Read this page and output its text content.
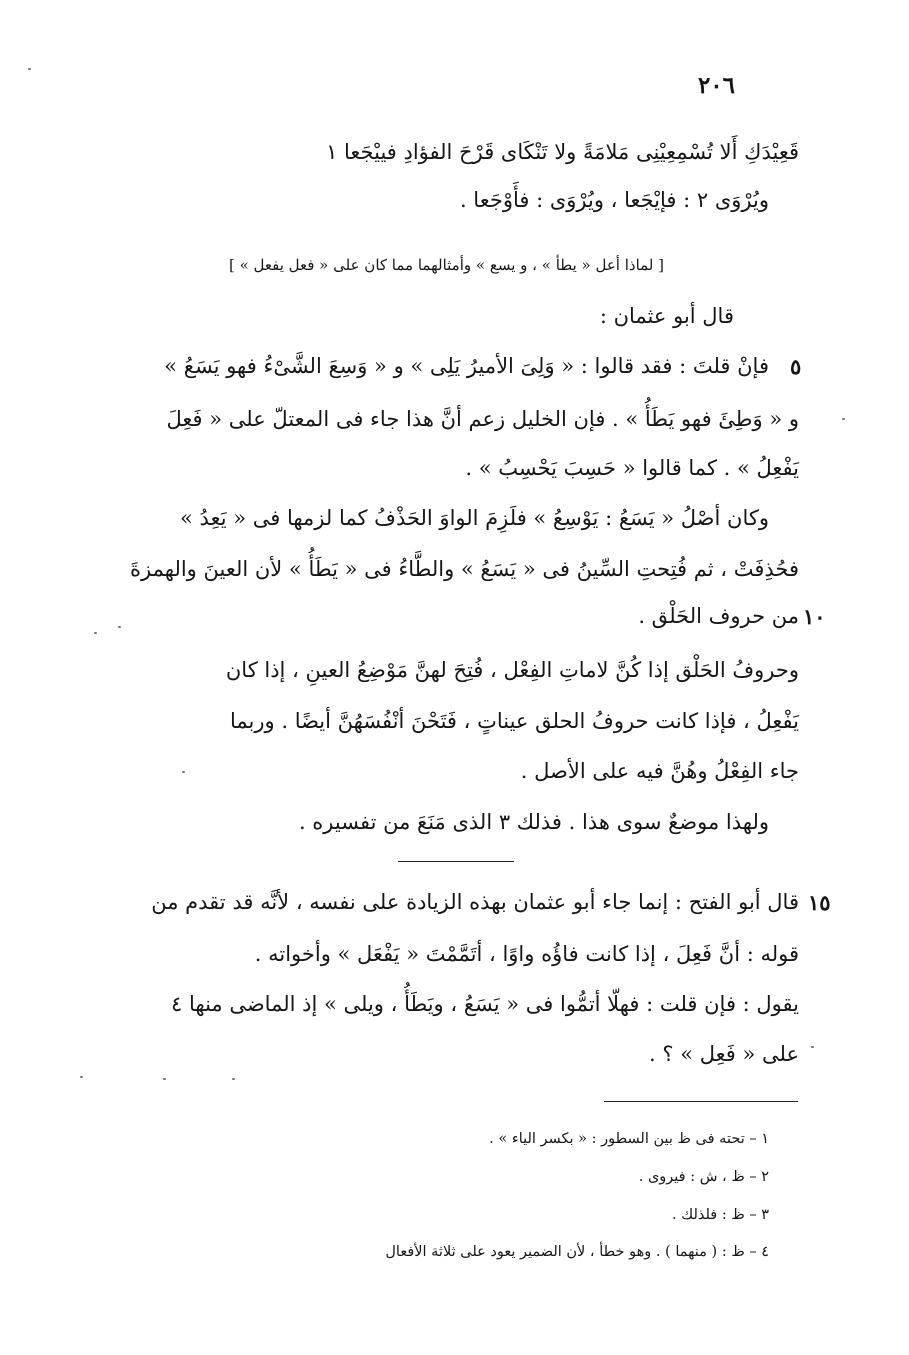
٢٠٦
قَعِيْدَكِ أَلا تُسْمِعِيْنِى مَلامَةً ولا تَنْكَاى قَرْحَ الفؤادِ فييْجَعا ١
ويُرْوَى ٢ : فإيْجَعا ، ويُرْوَى : فأَوْجَعا .
[ لماذا أعل « يطأ » ، و يسع » وأمثالهما مما كان على « فعل يفعل » ]
قال أبو عثمان :
٥
فإنْ قلتَ : فقد قالوا : « وَلِىَ الأميرُ يَلِى » و « وَسِعَ الشَّىْءُ فهو يَسَعُ »
و « وَطِئَ فهو يَطَأُ » . فإن الخليل زعم أنَّ هذا جاء فى المعتلّ على « فَعِلَ
يَفْعِلُ » . كما قالوا « حَسِبَ يَحْسِبُ » .
وكان أصْلُ « يَسَعُ : يَوْسِعُ » فلَزِمَ الواوَ الحَذْفُ كما لزمها فى « يَعِدُ »
فحُذِفَتْ ، ثم فُتِحتِ السِّينُ فى « يَسَعُ » والطَّاءُ فى « يَطَأُ » لأن العينَ والهمزةَ
١٠
من حروف الحَلْق .
وحروفُ الحَلْق إذا كُنَّ لاماتِ الفِعْل ، فُتِحَ لهنَّ مَوْضِعُ العينِ ، إذا كان
يَفْعِلُ ، فإذا كانت حروفُ الحلق عيناتٍ ، فَتَحْنَ أنْفُسَهُنَّ أيضًا . وربما
جاء الفِعْلُ وهُنَّ فيه على الأصل .
ولهذا موضعٌ سوى هذا . فذلك ٣ الذى مَنَعَ من تفسيره .
١٥
قال أبو الفتح : إنما جاء أبو عثمان بهذه الزيادة على نفسه ، لأنَّه قد تقدم من
قوله : أنَّ فَعِلَ ، إذا كانت فاؤُه واوًا ، أتَمَّمْتَ « يَفْعَل » وأخواته .
يقول : فإن قلت : فهلّا أتمُّوا فى « يَسَعُ ، ويَطَأُ ، ويلى » إذ الماضى منها ٤
على « فَعِل » ؟ .
١ – تحته فى ظ بين السطور : « بكسر الياء » .
٢ – ظ ، ش : فيروى .
٣ – ظ : فلذلك .
٤ – ظ : ( منهما ) . وهو خطأ ، لأن الضمير يعود على ثلاثة الأفعال
